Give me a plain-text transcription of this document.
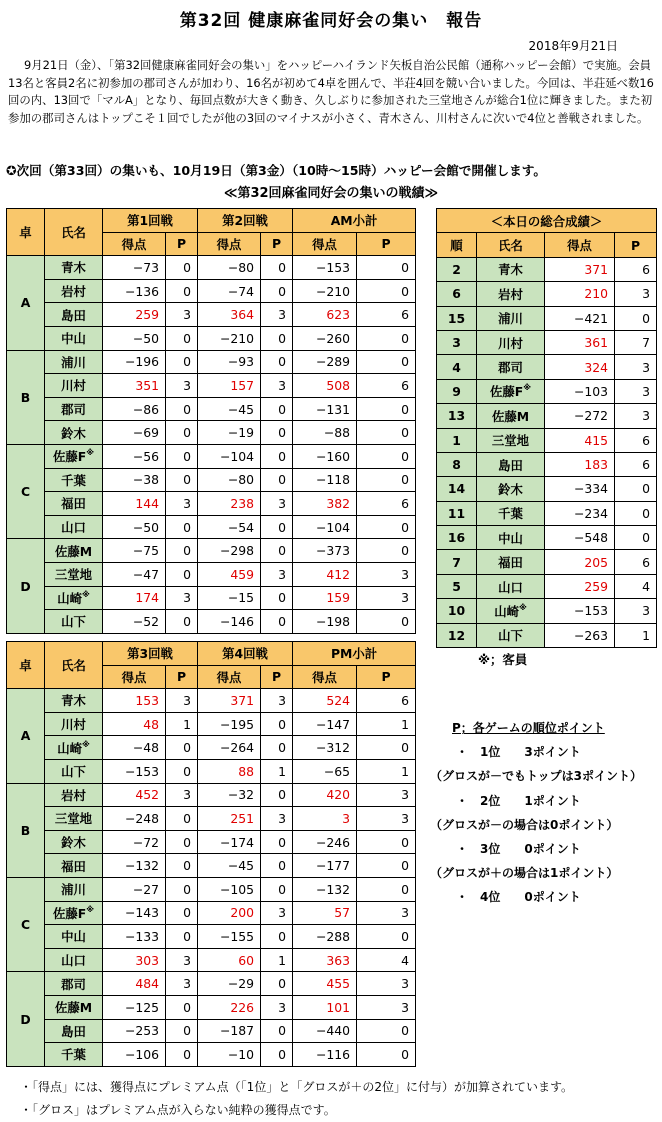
第32回 健康麻雀同好会の集い　報告
2018年9月21日
9月21日（金）、「第32回健康麻雀同好会の集い」をハッピーハイランド矢板自治公民館（通称ハッピー会館）で実施。会員13名と客員2名に初参加の郡司さんが加わり、16名が初めて4卓を囲んで、半荘4回を競い合いました。今回は、半荘延べ数16回の内、13回で「マルA」となり、毎回点数が大きく動き、久しぶりに参加された三堂地さんが総合1位に輝きました。また初参加の郡司さんはトップこそ１回でしたが他の3回のマイナスが小さく、青木さん、川村さんに次いで4位と善戦されました。
✪次回（第33回）の集いも、10月19日（第3金）（10時～15時）ハッピー会館で開催します。
≪第32回麻雀同好会の集いの戦績≫
卓	氏名	第1回戦		第2回戦		AM小計	
		得点	P	得点	P	得点	P
A	青木	−73	0	−80	0	−153	0
	岩村	−136	0	−74	0	−210	0
	島田	259	3	364	3	623	6
	中山	−50	0	−210	0	−260	0
B	浦川	−196	0	−93	0	−289	0
	川村	351	3	157	3	508	6
	郡司	−86	0	−45	0	−131	0
	鈴木	−69	0	−19	0	−88	0
C	佐藤F※	−56	0	−104	0	−160	0
	千葉	−38	0	−80	0	−118	0
	福田	144	3	238	3	382	6
	山口	−50	0	−54	0	−104	0
D	佐藤M	−75	0	−298	0	−373	0
	三堂地	−47	0	459	3	412	3
	山崎※	174	3	−15	0	159	3
	山下	−52	0	−146	0	−198	0
卓	氏名	第3回戦		第4回戦		PM小計	
		得点	P	得点	P	得点	P
A	青木	153	3	371	3	524	6
	川村	48	1	−195	0	−147	1
	山崎※	−48	0	−264	0	−312	0
	山下	−153	0	88	1	−65	1
B	岩村	452	3	−32	0	420	3
	三堂地	−248	0	251	3	3	3
	鈴木	−72	0	−174	0	−246	0
	福田	−132	0	−45	0	−177	0
C	浦川	−27	0	−105	0	−132	0
	佐藤F※	−143	0	200	3	57	3
	中山	−133	0	−155	0	−288	0
	山口	303	3	60	1	363	4
D	郡司	484	3	−29	0	455	3
	佐藤M	−125	0	226	3	101	3
	島田	−253	0	−187	0	−440	0
	千葉	−106	0	−10	0	−116	0
＜本日の総合成績＞			
順	氏名	得点	P
2	青木	371	6
6	岩村	210	3
15	浦川	−421	0
3	川村	361	7
4	郡司	324	3
9	佐藤F※	−103	3
13	佐藤M	−272	3
1	三堂地	415	6
8	島田	183	6
14	鈴木	−334	0
11	千葉	−234	0
16	中山	−548	0
7	福田	205	6
5	山口	259	4
10	山崎※	−153	3
12	山下	−263	1
※；客員
P；各ゲームの順位ポイント
・　1位　　3ポイント
（グロスが－でもトップは3ポイント）
・　2位　　1ポイント
（グロスが－の場合は0ポイント）
・　3位　　0ポイント
（グロスが＋の場合は1ポイント）
・　4位　　0ポイント
・「得点」には、獲得点にプレミアム点（「1位」と「グロスが＋の2位」に付与）が加算されています。
・「グロス」はプレミアム点が入らない純粋の獲得点です。
